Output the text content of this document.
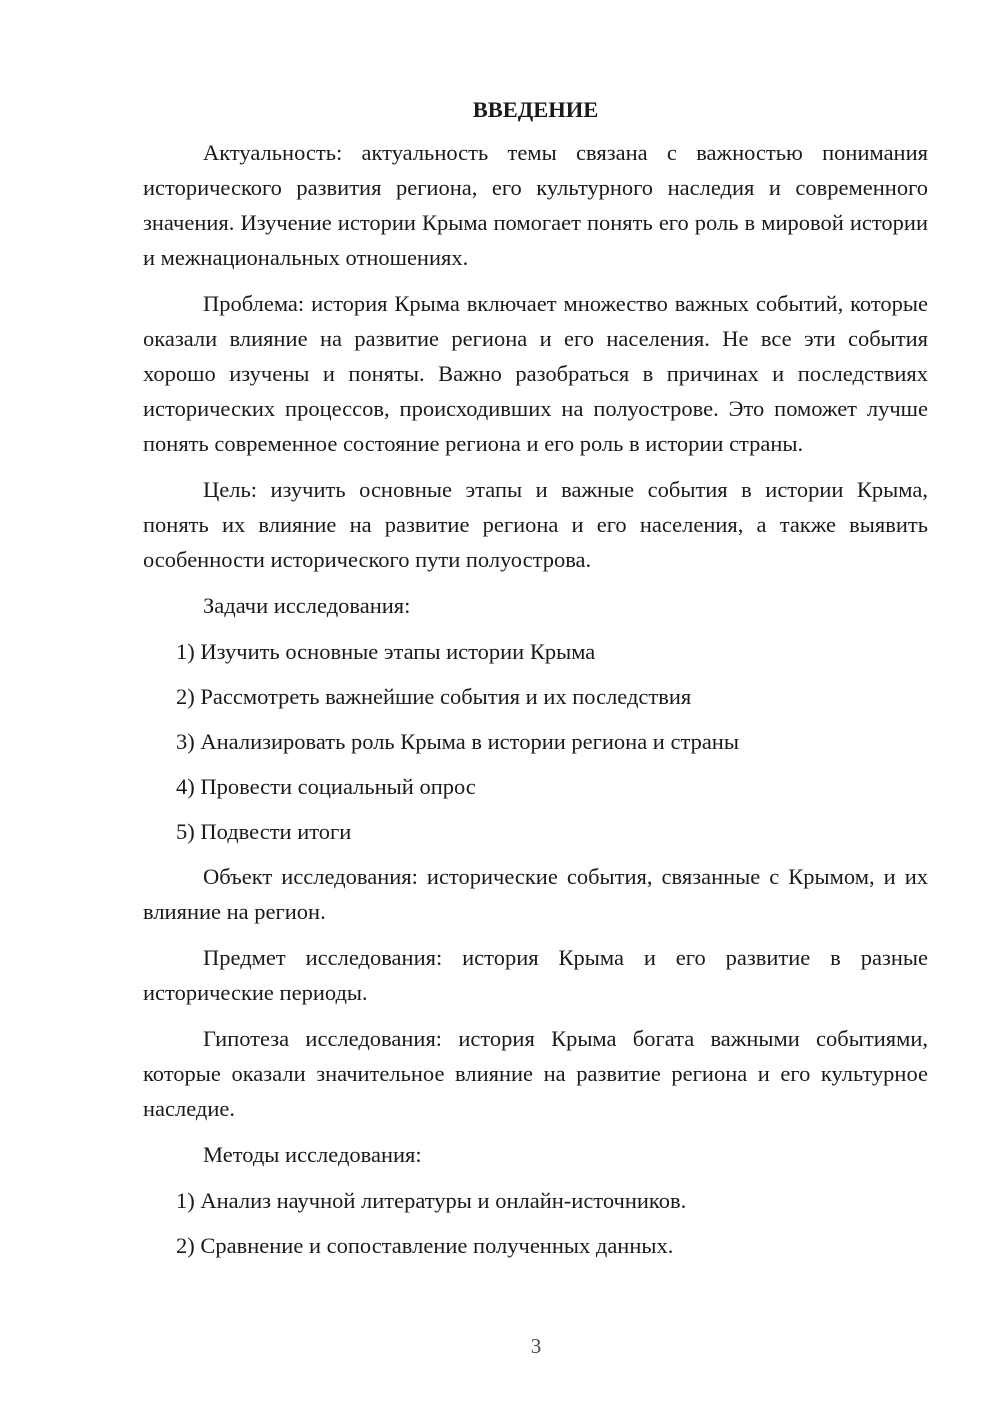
ВВЕДЕНИЕ

Актуальность: актуальность темы связана с важностью понимания исторического развития региона, его культурного наследия и современного значения. Изучение истории Крыма помогает понять его роль в мировой истории и межнациональных отношениях.

Проблема: история Крыма включает множество важных событий, которые оказали влияние на развитие региона и его населения. Не все эти события хорошо изучены и поняты. Важно разобраться в причинах и последствиях исторических процессов, происходивших на полуострове. Это поможет лучше понять современное состояние региона и его роль в истории страны.

Цель: изучить основные этапы и важные события в истории Крыма, понять их влияние на развитие региона и его населения, а также выявить особенности исторического пути полуострова.

Задачи исследования:

1) Изучить основные этапы истории Крыма

2) Рассмотреть важнейшие события и их последствия

3) Анализировать роль Крыма в истории региона и страны

4) Провести социальный опрос

5) Подвести итоги

Объект исследования: исторические события, связанные с Крымом, и их влияние на регион.

Предмет исследования: история Крыма и его развитие в разные исторические периоды.

Гипотеза исследования: история Крыма богата важными событиями, которые оказали значительное влияние на развитие региона и его культурное наследие.

Методы исследования:

1) Анализ научной литературы и онлайн-источников.

2) Сравнение и сопоставление полученных данных.

3
